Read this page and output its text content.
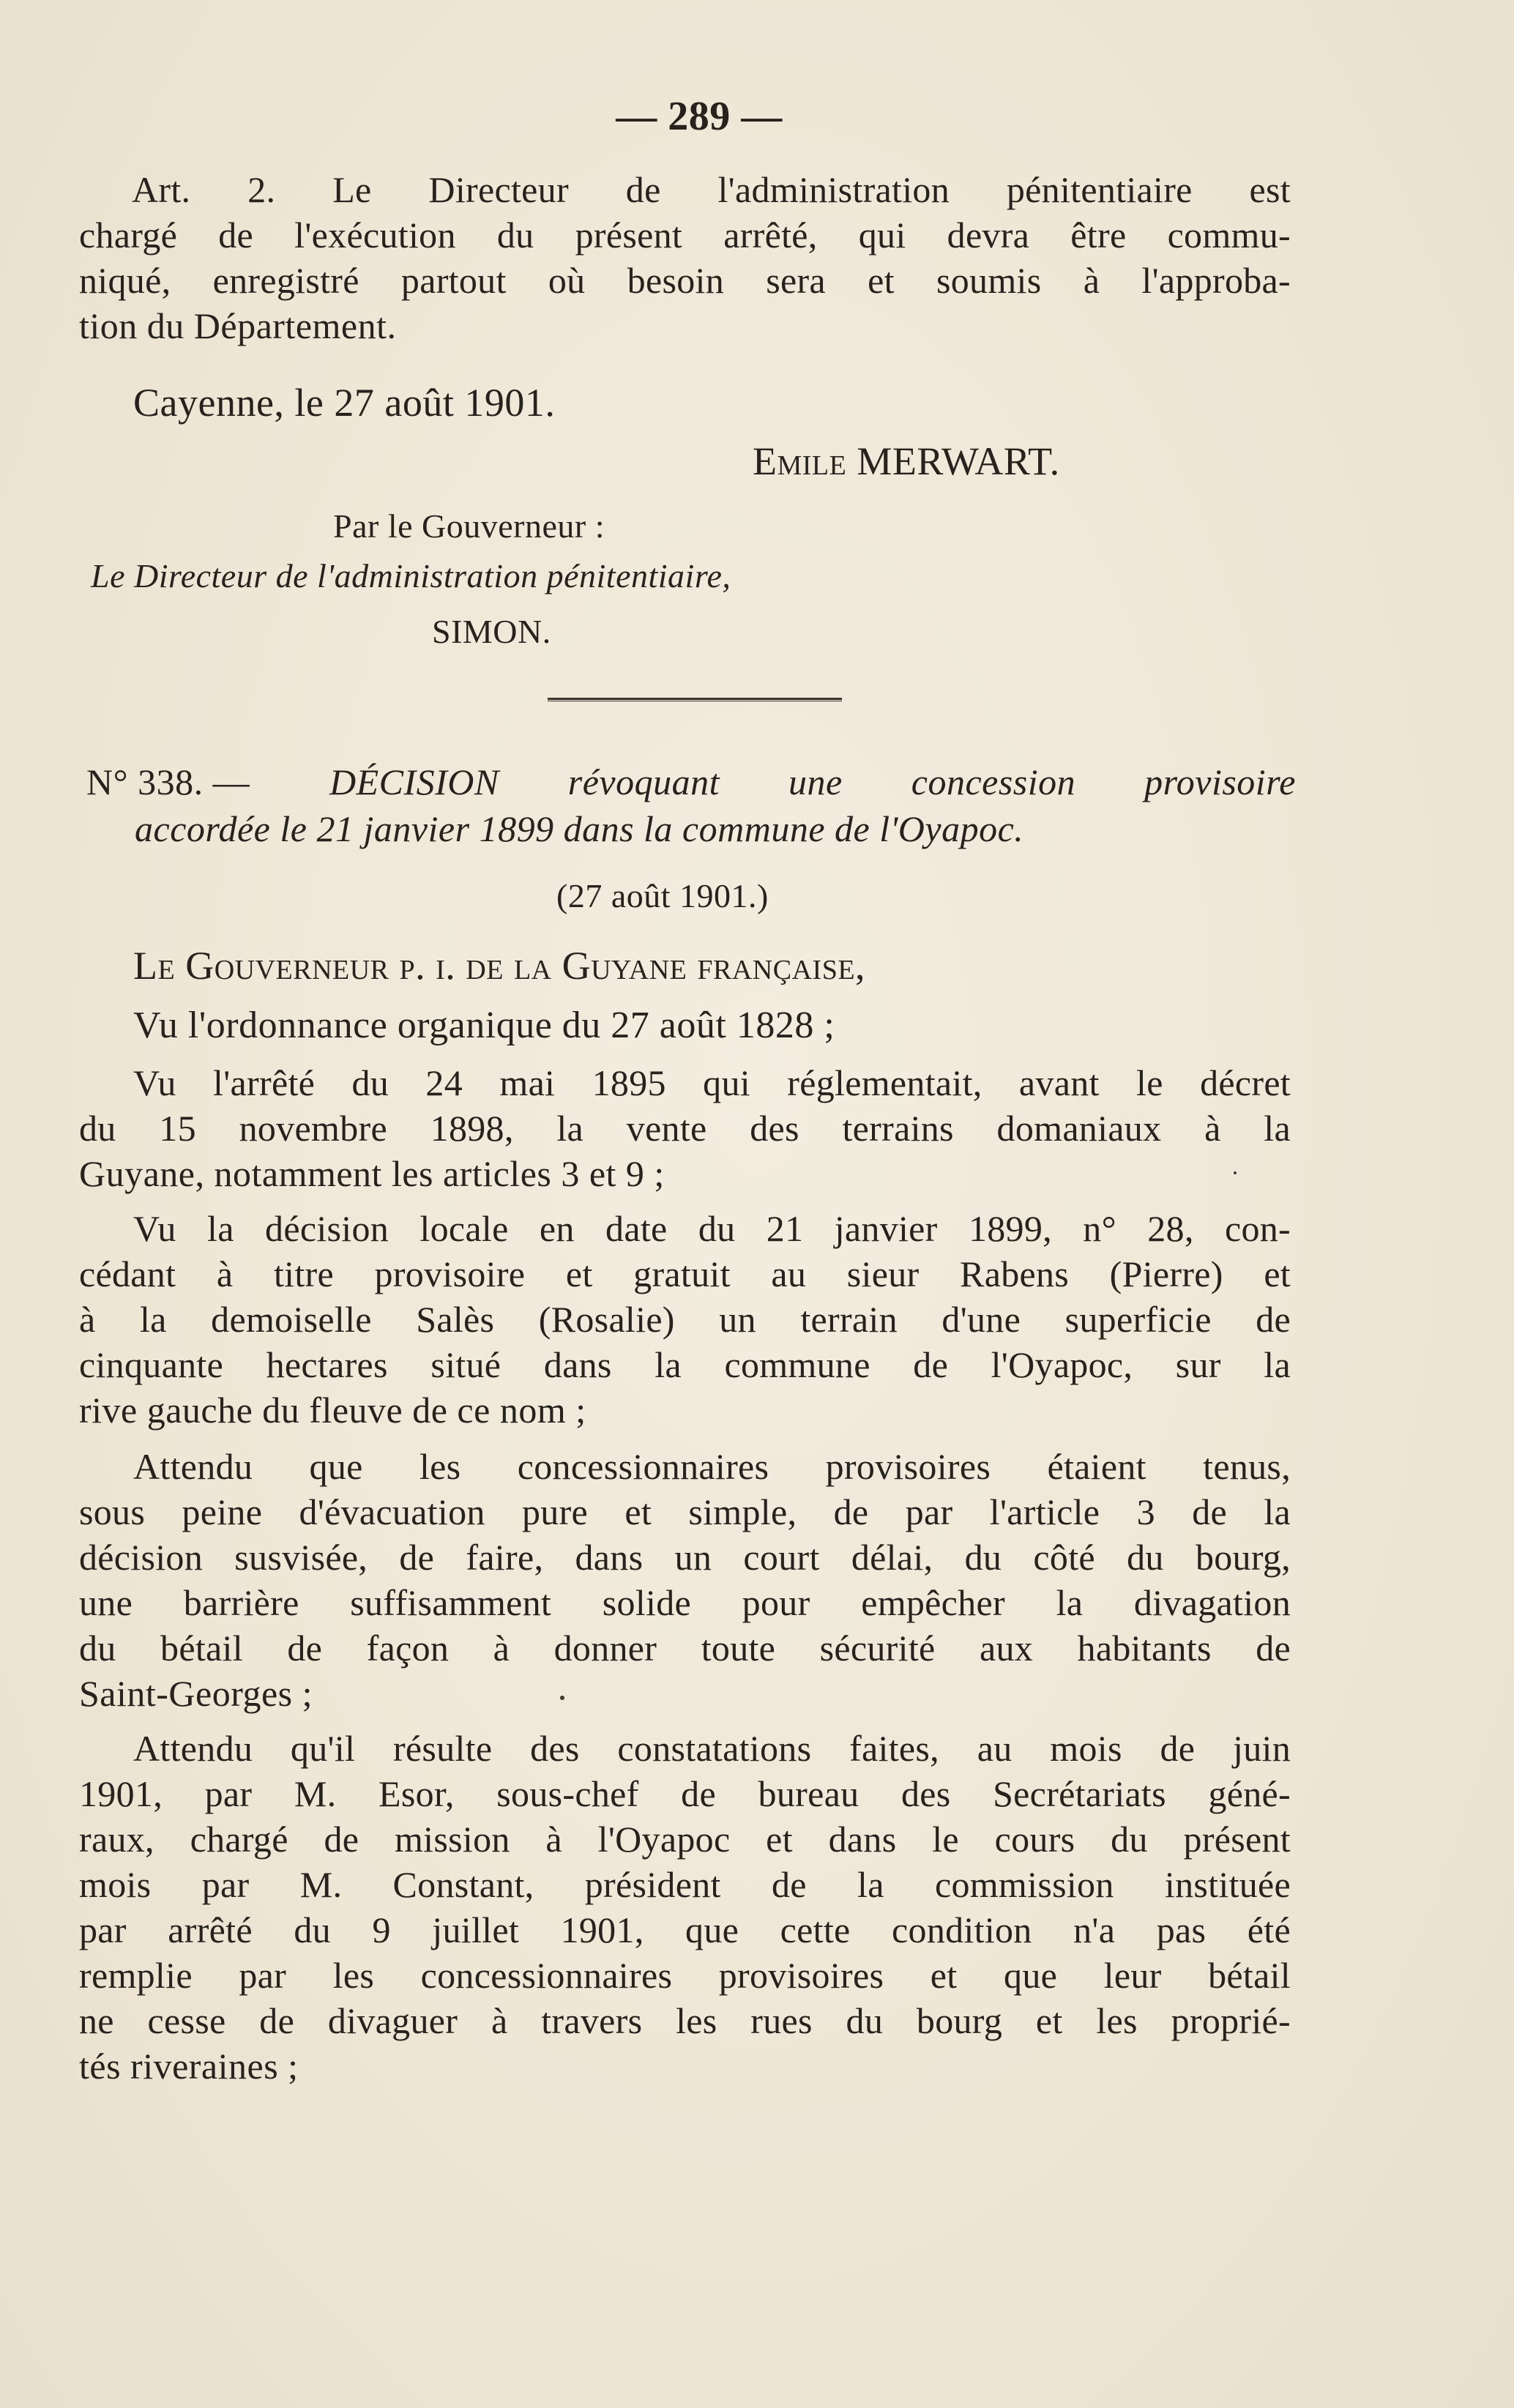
— 289 —
Art. 2. Le Directeur de l'administration pénitentiaire est
chargé de l'exécution du présent arrêté, qui devra être commu-
niqué, enregistré partout où besoin sera et soumis à l'approba-
tion du Département.
Cayenne, le 27 août 1901.
Emile MERWART.
Par le Gouverneur :
Le Directeur de l'administration pénitentiaire,
SIMON.
N° 338. — DÉCISION révoquant une concession provisoire
accordée le 21 janvier 1899 dans la commune de l'Oyapoc.
(27 août 1901.)
Le Gouverneur p. i. de la Guyane française,
Vu l'ordonnance organique du 27 août 1828 ;
Vu l'arrêté du 24 mai 1895 qui réglementait, avant le décret
du 15 novembre 1898, la vente des terrains domaniaux à la
Guyane, notamment les articles 3 et 9 ;
Vu la décision locale en date du 21 janvier 1899, n° 28, con-
cédant à titre provisoire et gratuit au sieur Rabens (Pierre) et
à la demoiselle Salès (Rosalie) un terrain d'une superficie de
cinquante hectares situé dans la commune de l'Oyapoc, sur la
rive gauche du fleuve de ce nom ;
Attendu que les concessionnaires provisoires étaient tenus,
sous peine d'évacuation pure et simple, de par l'article 3 de la
décision susvisée, de faire, dans un court délai, du côté du bourg,
une barrière suffisamment solide pour empêcher la divagation
du bétail de façon à donner toute sécurité aux habitants de
Saint-Georges ;
Attendu qu'il résulte des constatations faites, au mois de juin
1901, par M. Esor, sous-chef de bureau des Secrétariats géné-
raux, chargé de mission à l'Oyapoc et dans le cours du présent
mois par M. Constant, président de la commission instituée
par arrêté du 9 juillet 1901, que cette condition n'a pas été
remplie par les concessionnaires provisoires et que leur bétail
ne cesse de divaguer à travers les rues du bourg et les proprié-
tés riveraines ;
